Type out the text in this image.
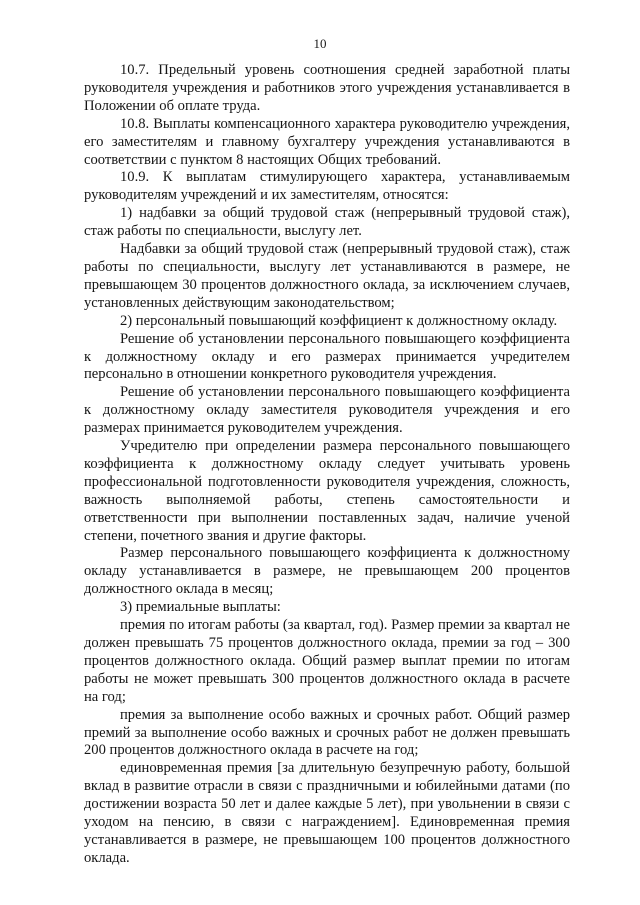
10

10.7. Предельный уровень соотношения средней заработной платы руководителя учреждения и работников этого учреждения устанавливается в Положении об оплате труда.

10.8. Выплаты компенсационного характера руководителю учреждения, его заместителям и главному бухгалтеру учреждения устанавливаются в соответствии с пунктом 8 настоящих Общих требований.

10.9. К выплатам стимулирующего характера, устанавливаемым руководителям учреждений и их заместителям, относятся:

1) надбавки за общий трудовой стаж (непрерывный трудовой стаж), стаж работы по специальности, выслугу лет.

Надбавки за общий трудовой стаж (непрерывный трудовой стаж), стаж работы по специальности, выслугу лет устанавливаются в размере, не превышающем 30 процентов должностного оклада, за исключением случаев, установленных действующим законодательством;

2) персональный повышающий коэффициент к должностному окладу.

Решение об установлении персонального повышающего коэффициента к должностному окладу и его размерах принимается учредителем персонально в отношении конкретного руководителя учреждения.

Решение об установлении персонального повышающего коэффициента к должностному окладу заместителя руководителя учреждения и его размерах принимается руководителем учреждения.

Учредителю при определении размера персонального повышающего коэффициента к должностному окладу следует учитывать уровень профессиональной подготовленности руководителя учреждения, сложность, важность выполняемой работы, степень самостоятельности и ответственности при выполнении поставленных задач, наличие ученой степени, почетного звания и другие факторы.

Размер персонального повышающего коэффициента к должностному окладу устанавливается в размере, не превышающем 200 процентов должностного оклада в месяц;

3) премиальные выплаты:

премия по итогам работы (за квартал, год). Размер премии за квартал не должен превышать 75 процентов должностного оклада, премии за год – 300 процентов должностного оклада. Общий размер выплат премии по итогам работы не может превышать 300 процентов должностного оклада в расчете на год;

премия за выполнение особо важных и срочных работ. Общий размер премий за выполнение особо важных и срочных работ не должен превышать 200 процентов должностного оклада в расчете на год;

единовременная премия [за длительную безупречную работу, большой вклад в развитие отрасли в связи с праздничными и юбилейными датами (по достижении возраста 50 лет и далее каждые 5 лет), при увольнении в связи с уходом на пенсию, в связи с награждением]. Единовременная премия устанавливается в размере, не превышающем 100 процентов должностного оклада.
